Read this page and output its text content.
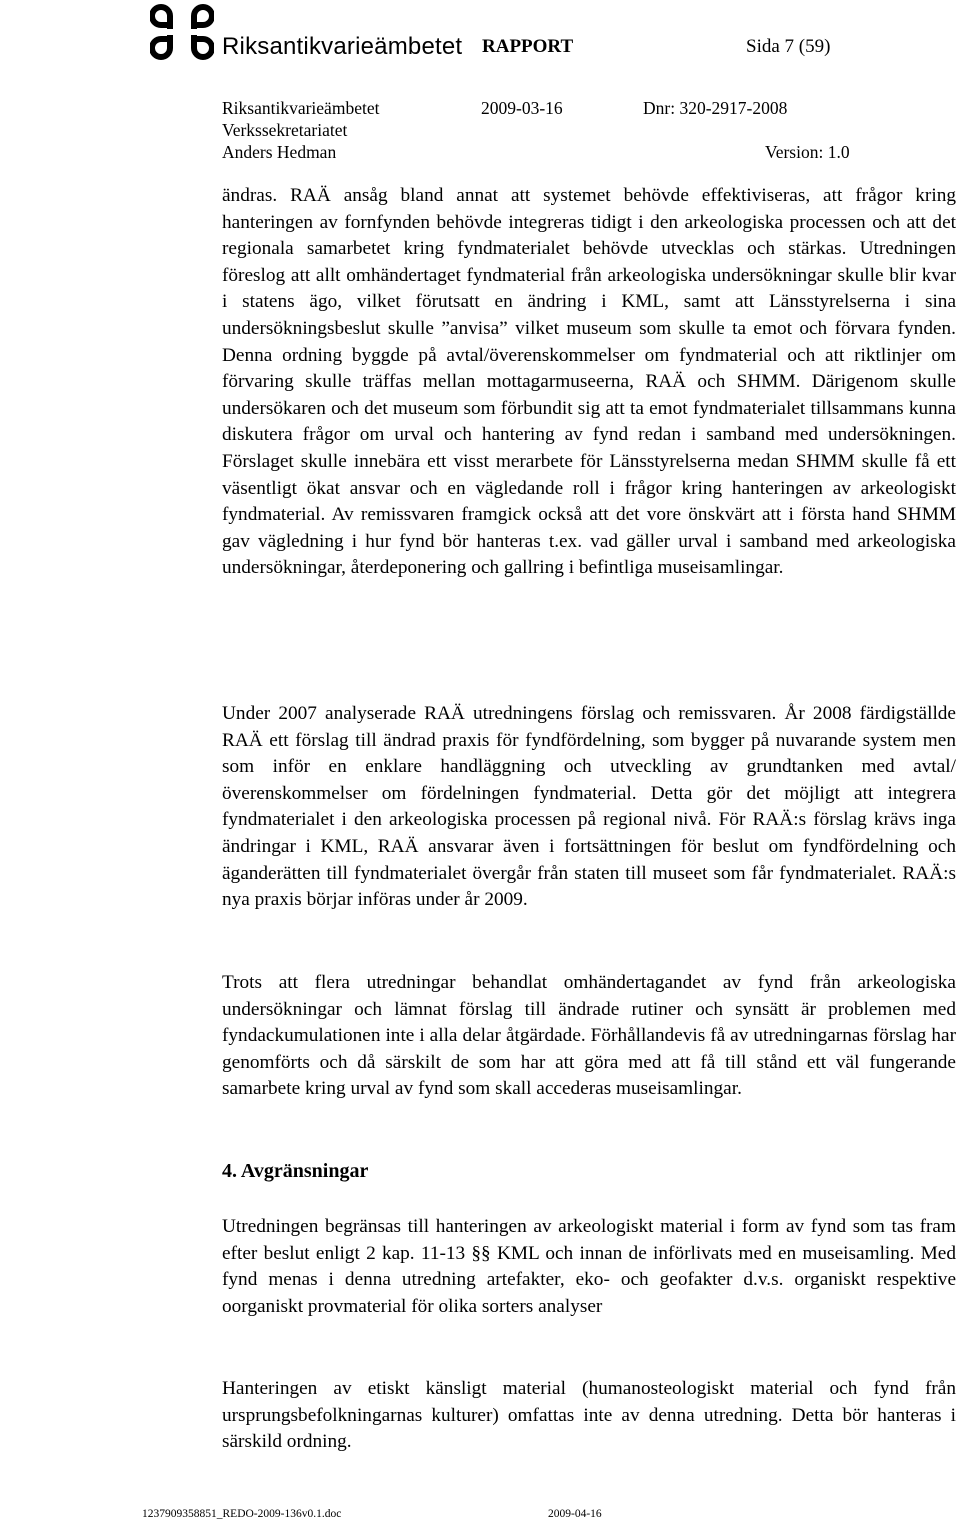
Riksantikvarieämbetet RAPPORT	Sida 7 (59)
Riksantikvarieämbetet	2009-03-16	Dnr: 320-2917-2008
Verkssekretariatet
Anders Hedman	Version: 1.0

ändras. RAÄ ansåg bland annat att systemet behövde effektiviseras, att frågor kring hanteringen av fornfynden behövde integreras tidigt i den arkeologiska processen och att det regionala samarbetet kring fyndmaterialet behövde utvecklas och stärkas. Utredningen föreslog att allt omhändertaget fyndmaterial från arkeologiska undersökningar skulle blir kvar i statens ägo, vilket förutsatt en ändring i KML, samt att Länsstyrelserna i sina undersökningsbeslut skulle ”anvisa” vilket museum som skulle ta emot och förvara fynden. Denna ordning byggde på avtal/överenskommelser om fyndmaterial och att riktlinjer om förvaring skulle träffas mellan mottagarmuseerna, RAÄ och SHMM. Därigenom skulle undersökaren och det museum som förbundit sig att ta emot fyndmaterialet tillsammans kunna diskutera frågor om urval och hantering av fynd redan i samband med undersökningen. Förslaget skulle innebära ett visst merarbete för Länsstyrelserna medan SHMM skulle få ett väsentligt ökat ansvar och en vägledande roll i frågor kring hanteringen av arkeologiskt fyndmaterial. Av remissvaren framgick också att det vore önskvärt att i första hand SHMM gav vägledning i hur fynd bör hanteras t.ex. vad gäller urval i samband med arkeologiska undersökningar, återdeponering och gallring i befintliga museisamlingar.

Under 2007 analyserade RAÄ utredningens förslag och remissvaren. År 2008 färdigställde RAÄ ett förslag till ändrad praxis för fyndfördelning, som bygger på nuvarande system men som inför en enklare handläggning och utveckling av grundtanken med avtal/överenskommelser om fördelningen fyndmaterial. Detta gör det möjligt att integrera fyndmaterialet i den arkeologiska processen på regional nivå. För RAÄ:s förslag krävs inga ändringar i KML, RAÄ ansvarar även i fortsättningen för beslut om fyndfördelning och äganderätten till fyndmaterialet övergår från staten till museet som får fyndmaterialet. RAÄ:s nya praxis börjar införas under år 2009.

Trots att flera utredningar behandlat omhändertagandet av fynd från arkeologiska undersökningar och lämnat förslag till ändrade rutiner och synsätt är problemen med fyndackumulationen inte i alla delar åtgärdade. Förhållandevis få av utredningarnas förslag har genomförts och då särskilt de som har att göra med att få till stånd ett väl fungerande samarbete kring urval av fynd som skall accederas museisamlingar.

4. Avgränsningar

Utredningen begränsas till hanteringen av arkeologiskt material i form av fynd som tas fram efter beslut enligt 2 kap. 11-13 §§ KML och innan de införlivats med en museisamling. Med fynd menas i denna utredning artefakter, eko- och geofakter d.v.s. organiskt respektive oorganiskt provmaterial för olika sorters analyser

Hanteringen av etiskt känsligt material (humanosteologiskt material och fynd från ursprungsbefolkningarnas kulturer) omfattas inte av denna utredning. Detta bör hanteras i särskild ordning.

1237909358851_REDO-2009-136v0.1.doc	2009-04-16
